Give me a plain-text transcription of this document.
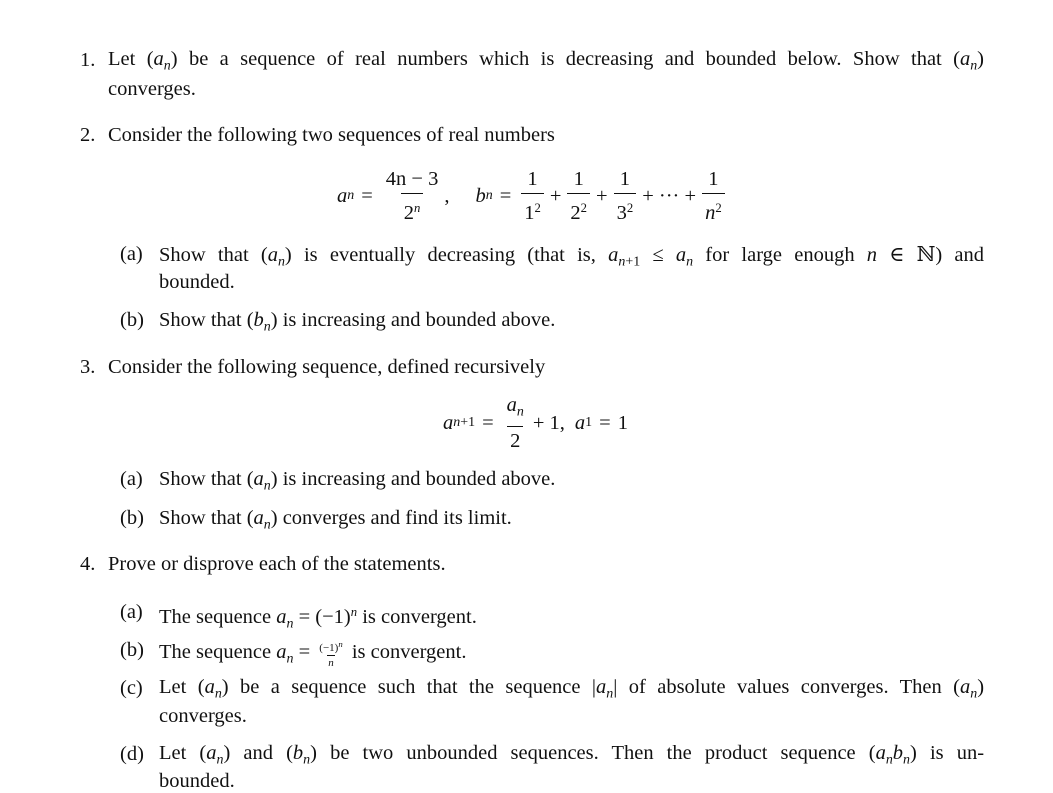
1. Let $(a_n)$ be a sequence of real numbers which is decreasing and bounded below. Show that $(a_n)$
converges.
2. Consider the following two sequences of real numbers
a $n = \frac{4n - 3}{2^n}$ , b $n = \frac{1}{1^2} + \frac{1}{2^2} + \frac{1}{3^2}$ + ··· + $\frac{1}{n^2}$
(a) Show that $(a_n)$ is eventually decreasing (that is, $a_{n+1} \le a_n$ for large enough n ∈ ℕ) and
bounded.
(b) Show that $(b_n)$ is increasing and bounded above.
3. Consider the following sequence, defined recursively
a $n+1 = \frac{a_n}{2} + 1$, a 1 = 1
(a) Show that $(a_n)$ is increasing and bounded above.
(b) Show that $(a_n)$ converges and find its limit.
4. Prove or disprove each of the statements.
(a) The sequence $a_n = (-1)^n$ is convergent.
(b) The sequence $a_n = \frac{(-1)^n}{n}$ is convergent.
(c) Let $(a_n)$ be a sequence such that the sequence $|a_n|$ of absolute values converges. Then $(a_n)$
converges.
(d) Let $(a_n)$ and $(b_n)$ be two unbounded sequences. Then the product sequence $(a_nb_n)$ is un-
bounded.
